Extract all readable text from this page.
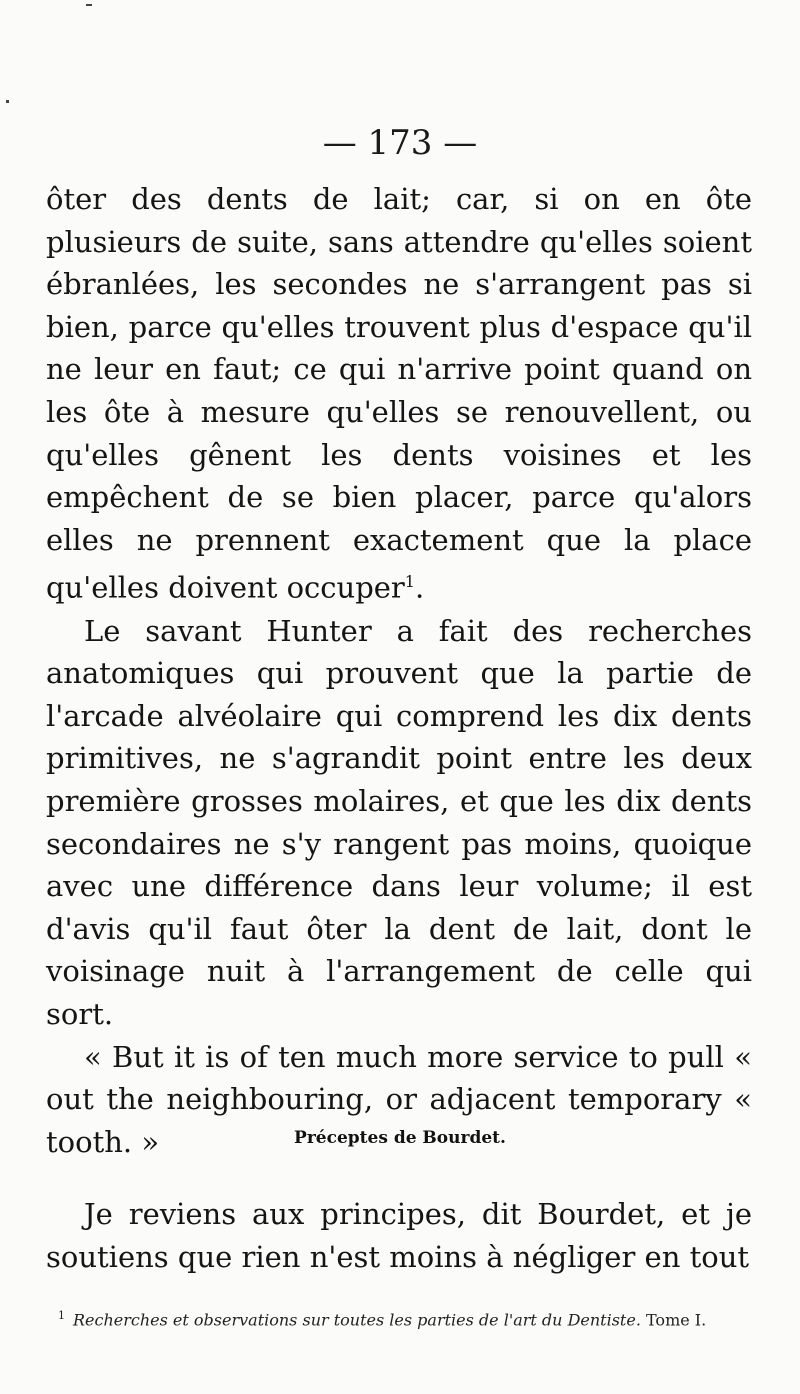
— 173 —

ôter des dents de lait; car, si on en ôte plusieurs de suite, sans attendre qu'elles soient ébranlées, les secondes ne s'arrangent pas si bien, parce qu'elles trouvent plus d'espace qu'il ne leur en faut; ce qui n'arrive point quand on les ôte à mesure qu'elles se renouvellent, ou qu'elles gênent les dents voisines et les empêchent de se bien placer, parce qu'alors elles ne prennent exactement que la place qu'elles doivent occuper$^1$.

Le savant Hunter a fait des recherches anatomiques qui prouvent que la partie de l'arcade alvéolaire qui comprend les dix dents primitives, ne s'agrandit point entre les deux première grosses molaires, et que les dix dents secondaires ne s'y rangent pas moins, quoique avec une différence dans leur volume; il est d'avis qu'il faut ôter la dent de lait, dont le voisinage nuit à l'arrangement de celle qui sort.

« But it is of ten much more service to pull « out the neighbouring, or adjacent temporary « tooth. »	Préceptes de Bourdet.
Je reviens aux principes, dit Bourdet, et je soutiens que rien n'est moins à négliger en tout
$^1$ Recherches et observations sur toutes les parties de l'art du Dentiste. Tome I.
